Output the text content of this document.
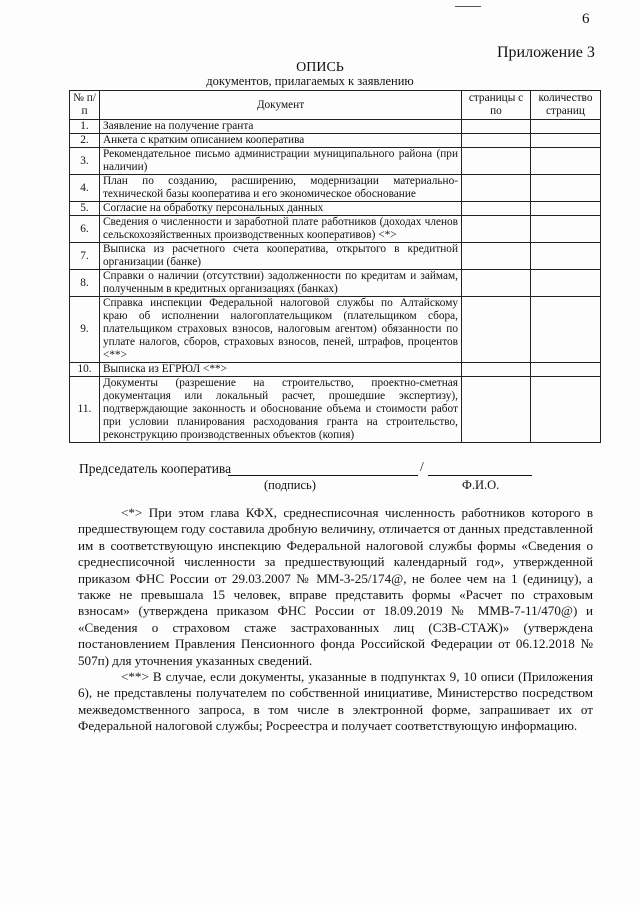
6
Приложение 3
ОПИСЬ
документов, прилагаемых к заявлению
№ п/п	Документ	страницы с по	количество страниц
1.	Заявление на получение гранта		
2.	Анкета с кратким описанием кооператива		
3.	Рекомендательное письмо администрации муниципального района (при наличии)		
4.	План по созданию, расширению, модернизации материально-технической базы кооператива и его экономическое обоснование		
5.	Согласие на обработку персональных данных		
6.	Сведения о численности и заработной плате работников (доходах членов сельскохозяйственных производственных кооперативов) <*>		
7.	Выписка из расчетного счета кооператива, открытого в кредитной организации (банке)		
8.	Справки о наличии (отсутствии) задолженности по кредитам и займам, полученным в кредитных организациях (банках)		
9.	Справка инспекции Федеральной налоговой службы по Алтайскому краю об исполнении налогоплательщиком (плательщиком сбора, плательщиком страховых взносов, налоговым агентом) обязанности по уплате налогов, сборов, страховых взносов, пеней, штрафов, процентов <**>		
10.	Выписка из ЕГРЮЛ <**>		
11.	Документы (разрешение на строительство, проектно-сметная документация или локальный расчет, прошедшие экспертизу), подтверждающие законность и обоснование объема и стоимости работ при условии планирования расходования гранта на строительство, реконструкцию производственных объектов (копия)		
Председатель кооператива	/
(подпись)	Ф.И.О.

<*> При этом глава КФХ, среднесписочная численность работников которого в предшествующем году составила дробную величину, отличается от данных представленной им в соответствующую инспекцию Федеральной налоговой службы формы «Сведения о среднесписочной численности за предшествующий календарный год», утвержденной приказом ФНС России от 29.03.2007 № ММ-3-25/174@, не более чем на 1 (единицу), а также не превышала 15 человек, вправе представить формы «Расчет по страховым взносам» (утверждена приказом ФНС России от 18.09.2019 № ММВ-7-11/470@) и «Сведения о страховом стаже застрахованных лиц (СЗВ-СТАЖ)» (утверждена постановлением Правления Пенсионного фонда Российской Федерации от 06.12.2018 № 507п) для уточнения указанных сведений.

<**> В случае, если документы, указанные в подпунктах 9, 10 описи (Приложения 6), не представлены получателем по собственной инициативе, Министерство посредством межведомственного запроса, в том числе в электронной форме, запрашивает их от Федеральной налоговой службы; Росреестра и получает соответствующую информацию.
